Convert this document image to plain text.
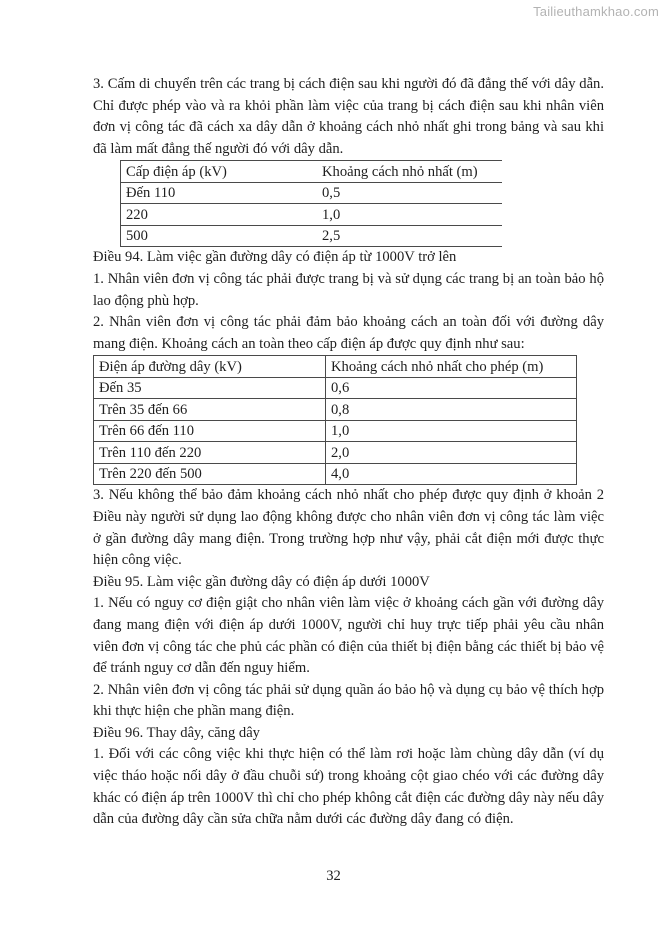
Tailieuthamkhao.com

3. Cấm di chuyển trên các trang bị cách điện sau khi người đó đã đẳng thế với dây dẫn. Chỉ được phép vào và ra khỏi phần làm việc của trang bị cách điện sau khi nhân viên đơn vị công tác đã cách xa dây dẫn ở khoảng cách nhỏ nhất ghi trong bảng và sau khi đã làm mất đẳng thế người đó với dây dẫn.

Cấp điện áp (kV)	Khoảng cách nhỏ nhất (m)
Đến 110	0,5
220	1,0
500	2,5

Điều 94. Làm việc gần đường dây có điện áp từ 1000V trở lên

1. Nhân viên đơn vị công tác phải được trang bị và sử dụng các trang bị an toàn bảo hộ lao động phù hợp.

2. Nhân viên đơn vị công tác phải đảm bảo khoảng cách an toàn đối với đường dây mang điện. Khoảng cách an toàn theo cấp điện áp được quy định như sau:

Điện áp đường dây (kV)	Khoảng cách nhỏ nhất cho phép (m)
Đến 35	0,6
Trên 35 đến 66	0,8
Trên 66 đến 110	1,0
Trên 110 đến 220	2,0
Trên 220 đến 500	4,0

3. Nếu không thể bảo đảm khoảng cách nhỏ nhất cho phép được quy định ở khoản 2 Điều này người sử dụng lao động không được cho nhân viên đơn vị công tác làm việc ở gần đường dây mang điện. Trong trường hợp như vậy, phải cắt điện mới được thực hiện công việc.

Điều 95. Làm việc gần đường dây có điện áp dưới 1000V

1. Nếu có nguy cơ điện giật cho nhân viên làm việc ở khoảng cách gần với đường dây đang mang điện với điện áp dưới 1000V, người chỉ huy trực tiếp phải yêu cầu nhân viên đơn vị công tác che phủ các phần có điện của thiết bị điện bằng các thiết bị bảo vệ để tránh nguy cơ dẫn đến nguy hiểm.

2. Nhân viên đơn vị công tác phải sử dụng quần áo bảo hộ và dụng cụ bảo vệ thích hợp khi thực hiện che phần mang điện.

Điều 96. Thay dây, căng dây

1. Đối với các công việc khi thực hiện có thể làm rơi hoặc làm chùng dây dẫn (ví dụ việc tháo hoặc nối dây ở đầu chuỗi sứ) trong khoảng cột giao chéo với các đường dây khác có điện áp trên 1000V thì chỉ cho phép không cắt điện các đường dây này nếu dây dẫn của đường dây cần sửa chữa nằm dưới các đường dây đang có điện.

32
